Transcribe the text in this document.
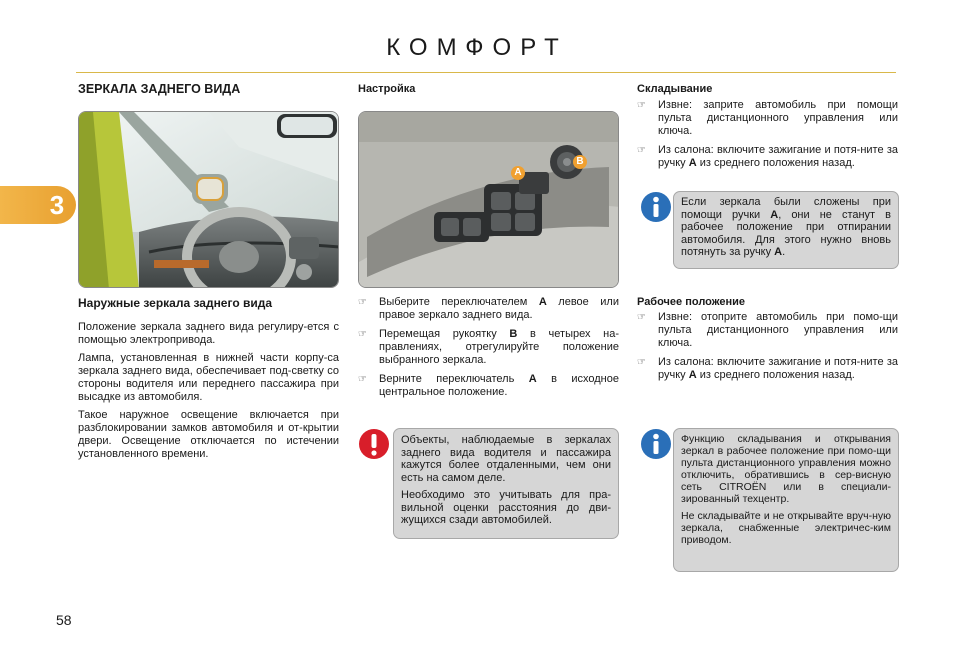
КОМФОРТ
3
ЗЕРКАЛА ЗАДНЕГО ВИДА
Наружные зеркала заднего вида

Положение зеркала заднего вида регулиру-ется с помощью электропривода.

Лампа, установленная в нижней части корпу-са зеркала заднего вида, обеспечивает под-светку со стороны водителя или переднего пассажира при высадке из автомобиля.

Такое наружное освещение включается при разблокировании замков автомобиля и от-крытии двери. Освещение отключается по истечении установленного времени.

Настройка
A
B
☞ Выберите переключателем A левое или правое зеркало заднего вида.
☞ Перемещая рукоятку B в четырех на-правлениях, отрегулируйте положение выбранного зеркала.
☞ Верните переключатель A в исходное центральное положение.

Объекты, наблюдаемые в зеркалах заднего вида водителя и пассажира кажутся более отдаленными, чем они есть на самом деле.

Необходимо это учитывать для пра-вильной оценки расстояния до дви-жущихся сзади автомобилей.

Складывание
☞ Извне: заприте автомобиль при помощи пульта дистанционного управления или ключа.
☞ Из салона: включите зажигание и потя-ните за ручку A из среднего положения назад.

Если зеркала были сложены при помощи ручки A, они не станут в рабочее положение при отпирании автомобиля. Для этого нужно вновь потянуть за ручку A.

Рабочее положение
☞ Извне: отоприте автомобиль при помо-щи пульта дистанционного управления или ключа.
☞ Из салона: включите зажигание и потя-ните за ручку A из среднего положения назад.

Функцию складывания и открывания зеркал в рабочее положение при помо-щи пульта дистанционного управления можно отключить, обратившись в сер-висную сеть CITROËN или в специали-зированный техцентр.

Не складывайте и не открывайте вруч-ную зеркала, снабженные электричес-ким приводом.

58
